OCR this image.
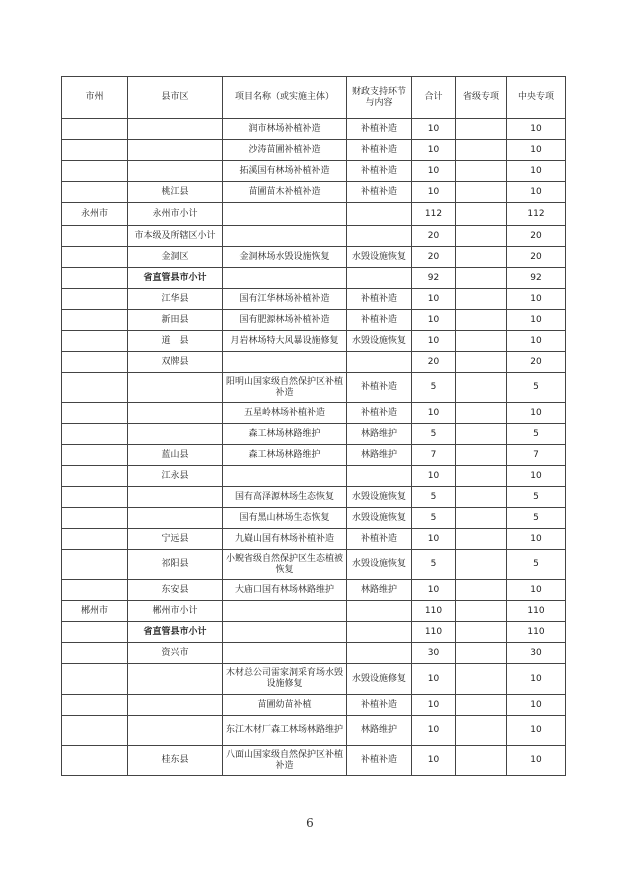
市州	县市区	项目名称（或实施主体）	财政支持环节与内容	合计	省级专项	中央专项
		润市林场补植补造	补植补造	10		10
		沙涛苗圃补植补造	补植补造	10		10
		拓溪国有林场补植补造	补植补造	10		10
	桃江县	苗圃苗木补植补造	补植补造	10		10
永州市	永州市小计			112		112
	市本级及所辖区小计			20		20
	金洞区	金洞林场水毁设施恢复	水毁设施恢复	20		20
	省直管县市小计			92		92
	江华县	国有江华林场补植补造	补植补造	10		10
	新田县	国有肥源林场补植补造	补植补造	10		10
	道　县	月岩林场特大风暴设施修复	水毁设施恢复	10		10
	双牌县			20		20
		阳明山国家级自然保护区补植补造	补植补造	5		5
		五星岭林场补植补造	补植补造	10		10
		森工林场林路维护	林路维护	5		5
	蓝山县	森工林场林路维护	林路维护	7		7
	江永县			10		10
		国有高泽源林场生态恢复	水毁设施恢复	5		5
		国有黑山林场生态恢复	水毁设施恢复	5		5
	宁远县	九嶷山国有林场补植补造	补植补造	10		10
	祁阳县	小鲵省级自然保护区生态植被恢复	水毁设施恢复	5		5
	东安县	大庙口国有林场林路维护	林路维护	10		10
郴州市	郴州市小计			110		110
	省直管县市小计			110		110
	资兴市			30		30
		木材总公司雷家洞采育场水毁设施修复	水毁设施修复	10		10
		苗圃幼苗补植	补植补造	10		10
		东江木材厂森工林场林路维护	林路维护	10		10
	桂东县	八面山国家级自然保护区补植补造	补植补造	10		10
6
